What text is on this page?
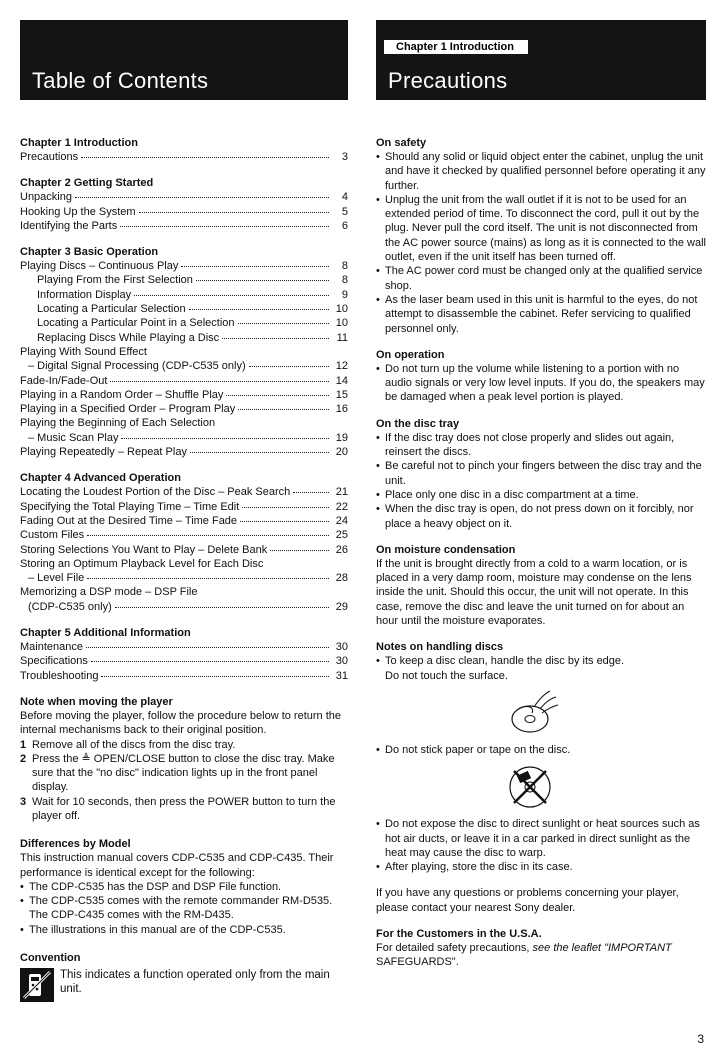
Table of Contents

Chapter 1 Introduction

Precautions	3

Chapter 2 Getting Started

Unpacking	4
Hooking Up the System	5
Identifying the Parts	6

Chapter 3 Basic Operation

Playing Discs – Continuous Play	8
Playing From the First Selection	8
Information Display	9
Locating a Particular Selection	10
Locating a Particular Point in a Selection	10
Replacing Discs While Playing a Disc	11
Playing With Sound Effect
– Digital Signal Processing (CDP-C535 only)	12
Fade-In/Fade-Out	14
Playing in a Random Order – Shuffle Play	15
Playing in a Specified Order – Program Play	16
Playing the Beginning of Each Selection
– Music Scan Play	19
Playing Repeatedly – Repeat Play	20

Chapter 4 Advanced Operation

Locating the Loudest Portion of the Disc – Peak Search	21
Specifying the Total Playing Time – Time Edit	22
Fading Out at the Desired Time – Time Fade	24
Custom Files	25
Storing Selections You Want to Play – Delete Bank	26
Storing an Optimum Playback Level for Each Disc
– Level File	28
Memorizing a DSP mode – DSP File
(CDP-C535 only)	29

Chapter 5 Additional Information

Maintenance	30
Specifications	30
Troubleshooting	31

Note when moving the player

Before moving the player, follow the procedure below to return the internal mechanisms back to their original position.

1 Remove all of the discs from the disc tray.
2 Press the ≜ OPEN/CLOSE button to close the disc tray. Make sure that the "no disc" indication lights up in the front panel display.
3 Wait for 10 seconds, then press the POWER button to turn the player off.

Differences by Model

This instruction manual covers CDP-C535 and CDP-C435. Their performance is identical except for the following:

• The CDP-C535 has the DSP and DSP File function.
• The CDP-C535 comes with the remote commander RM-D535. The CDP-C435 comes with the RM-D435.
• The illustrations in this manual are of the CDP-C535.

Convention

This indicates a function operated only from the main unit.

Chapter 1 Introduction
Precautions

On safety

• Should any solid or liquid object enter the cabinet, unplug the unit and have it checked by qualified personnel before operating it any further.
• Unplug the unit from the wall outlet if it is not to be used for an extended period of time. To disconnect the cord, pull it out by the plug. Never pull the cord itself. The unit is not disconnected from the AC power source (mains) as long as it is connected to the wall outlet, even if the unit itself has been turned off.
• The AC power cord must be changed only at the qualified service shop.
• As the laser beam used in this unit is harmful to the eyes, do not attempt to disassemble the cabinet. Refer servicing to qualified personnel only.

On operation

• Do not turn up the volume while listening to a portion with no audio signals or very low level inputs. If you do, the speakers may be damaged when a peak level portion is played.

On the disc tray

• If the disc tray does not close properly and slides out again, reinsert the discs.
• Be careful not to pinch your fingers between the disc tray and the unit.
• Place only one disc in a disc compartment at a time.
• When the disc tray is open, do not press down on it forcibly, nor place a heavy object on it.

On moisture condensation

If the unit is brought directly from a cold to a warm location, or is placed in a very damp room, moisture may condense on the lens inside the unit. Should this occur, the unit will not operate. In this case, remove the disc and leave the unit turned on for about an hour until the moisture evaporates.

Notes on handling discs

• To keep a disc clean, handle the disc by its edge.
Do not touch the surface.
• Do not stick paper or tape on the disc.
• Do not expose the disc to direct sunlight or heat sources such as hot air ducts, or leave it in a car parked in direct sunlight as the heat may cause the disc to warp.
• After playing, store the disc in its case.

If you have any questions or problems concerning your player, please contact your nearest Sony dealer.

For the Customers in the U.S.A.

For detailed safety precautions, see the leaflet "IMPORTANT
SAFEGUARDS".

3
